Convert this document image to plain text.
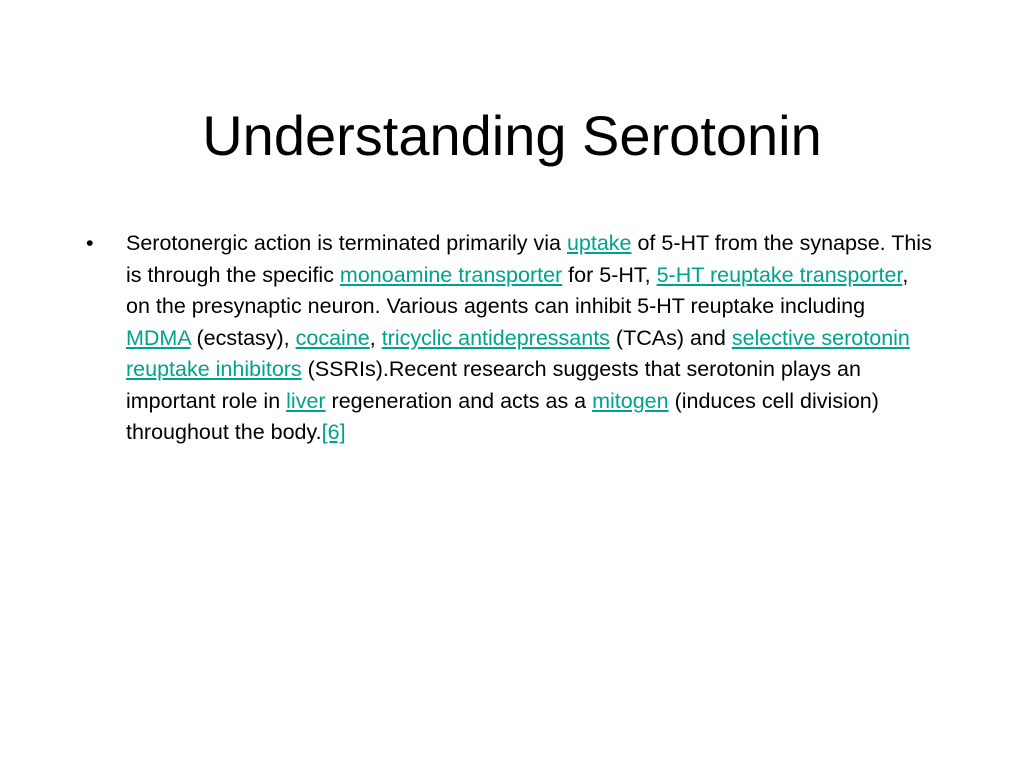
Understanding Serotonin
• Serotonergic action is terminated primarily via uptake of 5-HT from the synapse. This is through the specific monoamine transporter for 5-HT, 5-HT reuptake transporter, on the presynaptic neuron. Various agents can inhibit 5-HT reuptake including MDMA (ecstasy), cocaine, tricyclic antidepressants (TCAs) and selective serotonin reuptake inhibitors (SSRIs).Recent research suggests that serotonin plays an important role in liver regeneration and acts as a mitogen (induces cell division) throughout the body.[6]
